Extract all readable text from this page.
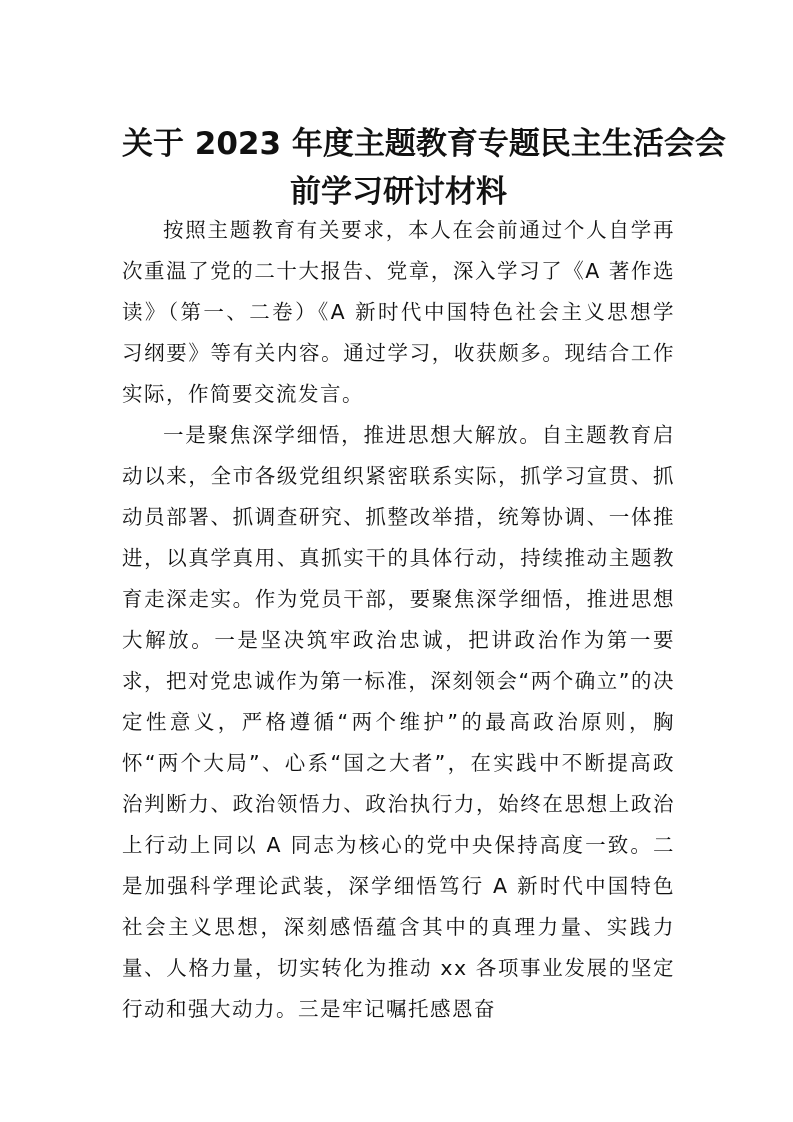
关于 2023 年度主题教育专题民主生活会会
前学习研讨材料

按照主题教育有关要求，本人在会前通过个人自学再次重温了党的二十大报告、党章，深入学习了《A 著作选读》（第一、二卷）《A 新时代中国特色社会主义思想学习纲要》等有关内容。通过学习，收获颇多。现结合工作实际，作简要交流发言。

一是聚焦深学细悟，推进思想大解放。自主题教育启动以来，全市各级党组织紧密联系实际，抓学习宣贯、抓动员部署、抓调查研究、抓整改举措，统筹协调、一体推进，以真学真用、真抓实干的具体行动，持续推动主题教育走深走实。作为党员干部，要聚焦深学细悟，推进思想大解放。一是坚决筑牢政治忠诚，把讲政治作为第一要求，把对党忠诚作为第一标准，深刻领会“两个确立”的决定性意义，严格遵循“两个维护”的最高政治原则，胸怀“两个大局”、心系“国之大者”，在实践中不断提高政治判断力、政治领悟力、政治执行力，始终在思想上政治上行动上同以 A 同志为核心的党中央保持高度一致。二是加强科学理论武装，深学细悟笃行 A 新时代中国特色社会主义思想，深刻感悟蕴含其中的真理力量、实践力量、人格力量，切实转化为推动 xx 各项事业发展的坚定行动和强大动力。三是牢记嘱托感恩奋
